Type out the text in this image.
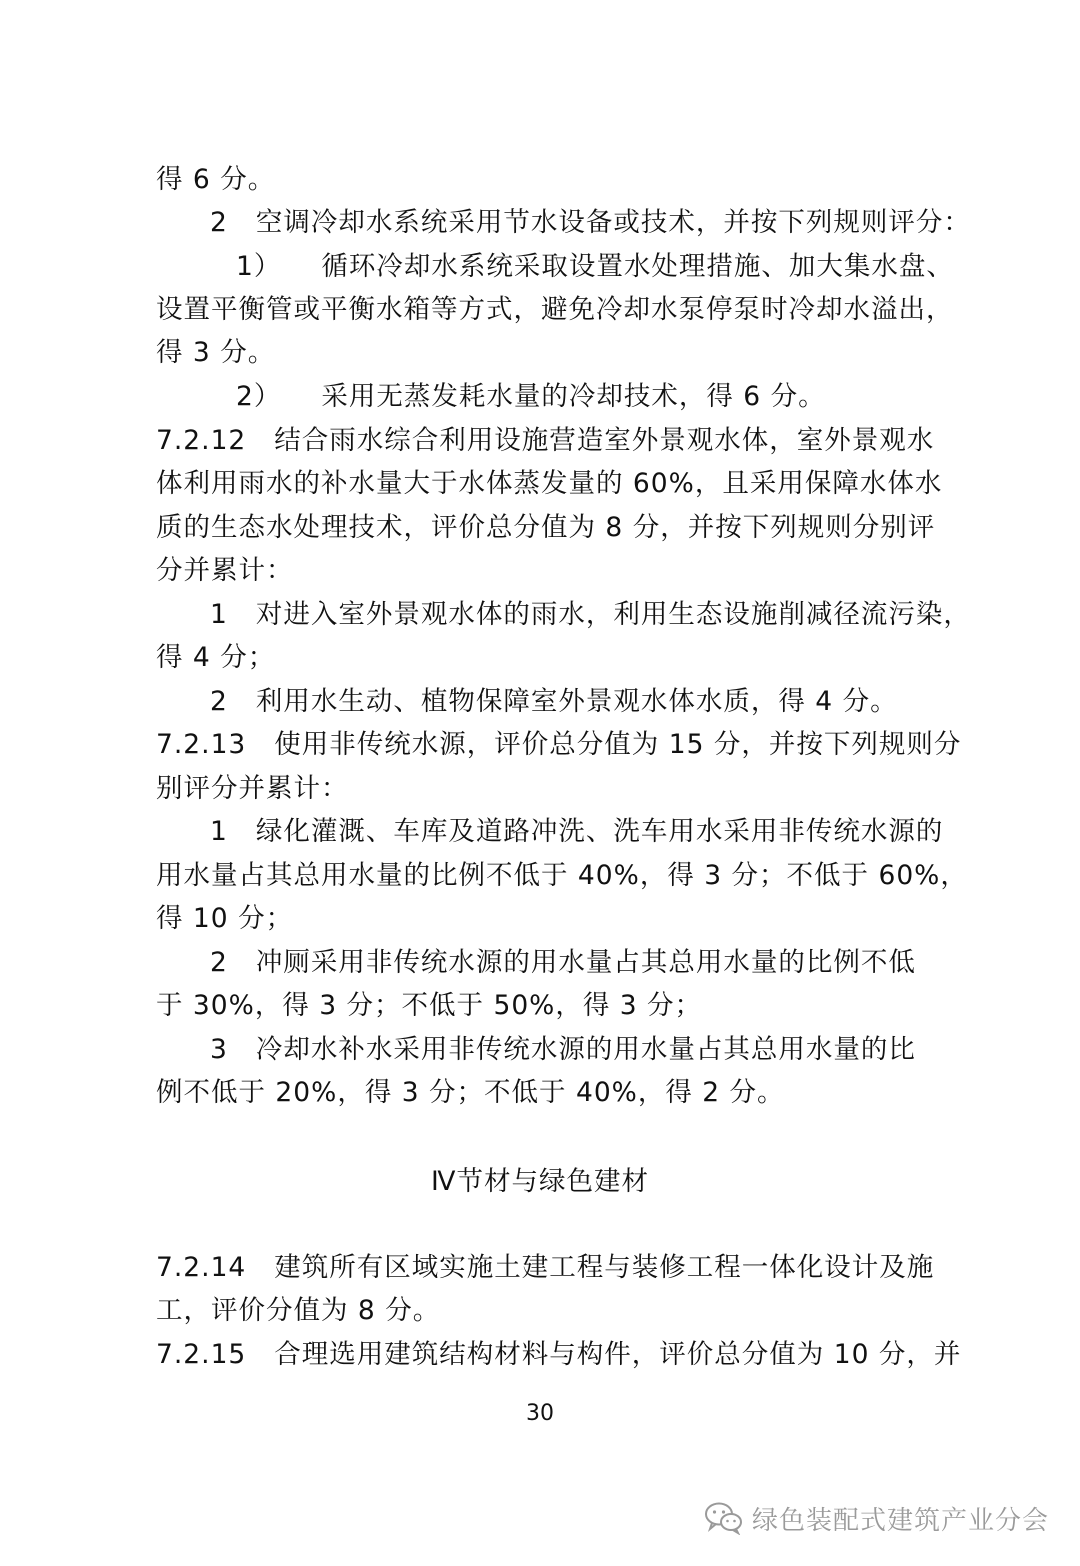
得 6 分。
2 空调冷却水系统采用节水设备或技术，并按下列规则评分：
1） 循环冷却水系统采取设置水处理措施、加大集水盘、
设置平衡管或平衡水箱等方式，避免冷却水泵停泵时冷却水溢出，
得 3 分。
2） 采用无蒸发耗水量的冷却技术，得 6 分。
7.2.12 结合雨水综合利用设施营造室外景观水体，室外景观水
体利用雨水的补水量大于水体蒸发量的 60%，且采用保障水体水
质的生态水处理技术，评价总分值为 8 分，并按下列规则分别评
分并累计：
1 对进入室外景观水体的雨水，利用生态设施削减径流污染，
得 4 分；
2 利用水生动、植物保障室外景观水体水质，得 4 分。
7.2.13 使用非传统水源，评价总分值为 15 分，并按下列规则分
别评分并累计：
1 绿化灌溉、车库及道路冲洗、洗车用水采用非传统水源的
用水量占其总用水量的比例不低于 40%，得 3 分；不低于 60%，
得 10 分；
2 冲厕采用非传统水源的用水量占其总用水量的比例不低
于 30%，得 3 分；不低于 50%，得 3 分；
3 冷却水补水采用非传统水源的用水量占其总用水量的比
例不低于 20%，得 3 分；不低于 40%，得 2 分。
Ⅳ节材与绿色建材
7.2.14 建筑所有区域实施土建工程与装修工程一体化设计及施
工，评价分值为 8 分。
7.2.15 合理选用建筑结构材料与构件，评价总分值为 10 分，并
30
绿色装配式建筑产业分会
